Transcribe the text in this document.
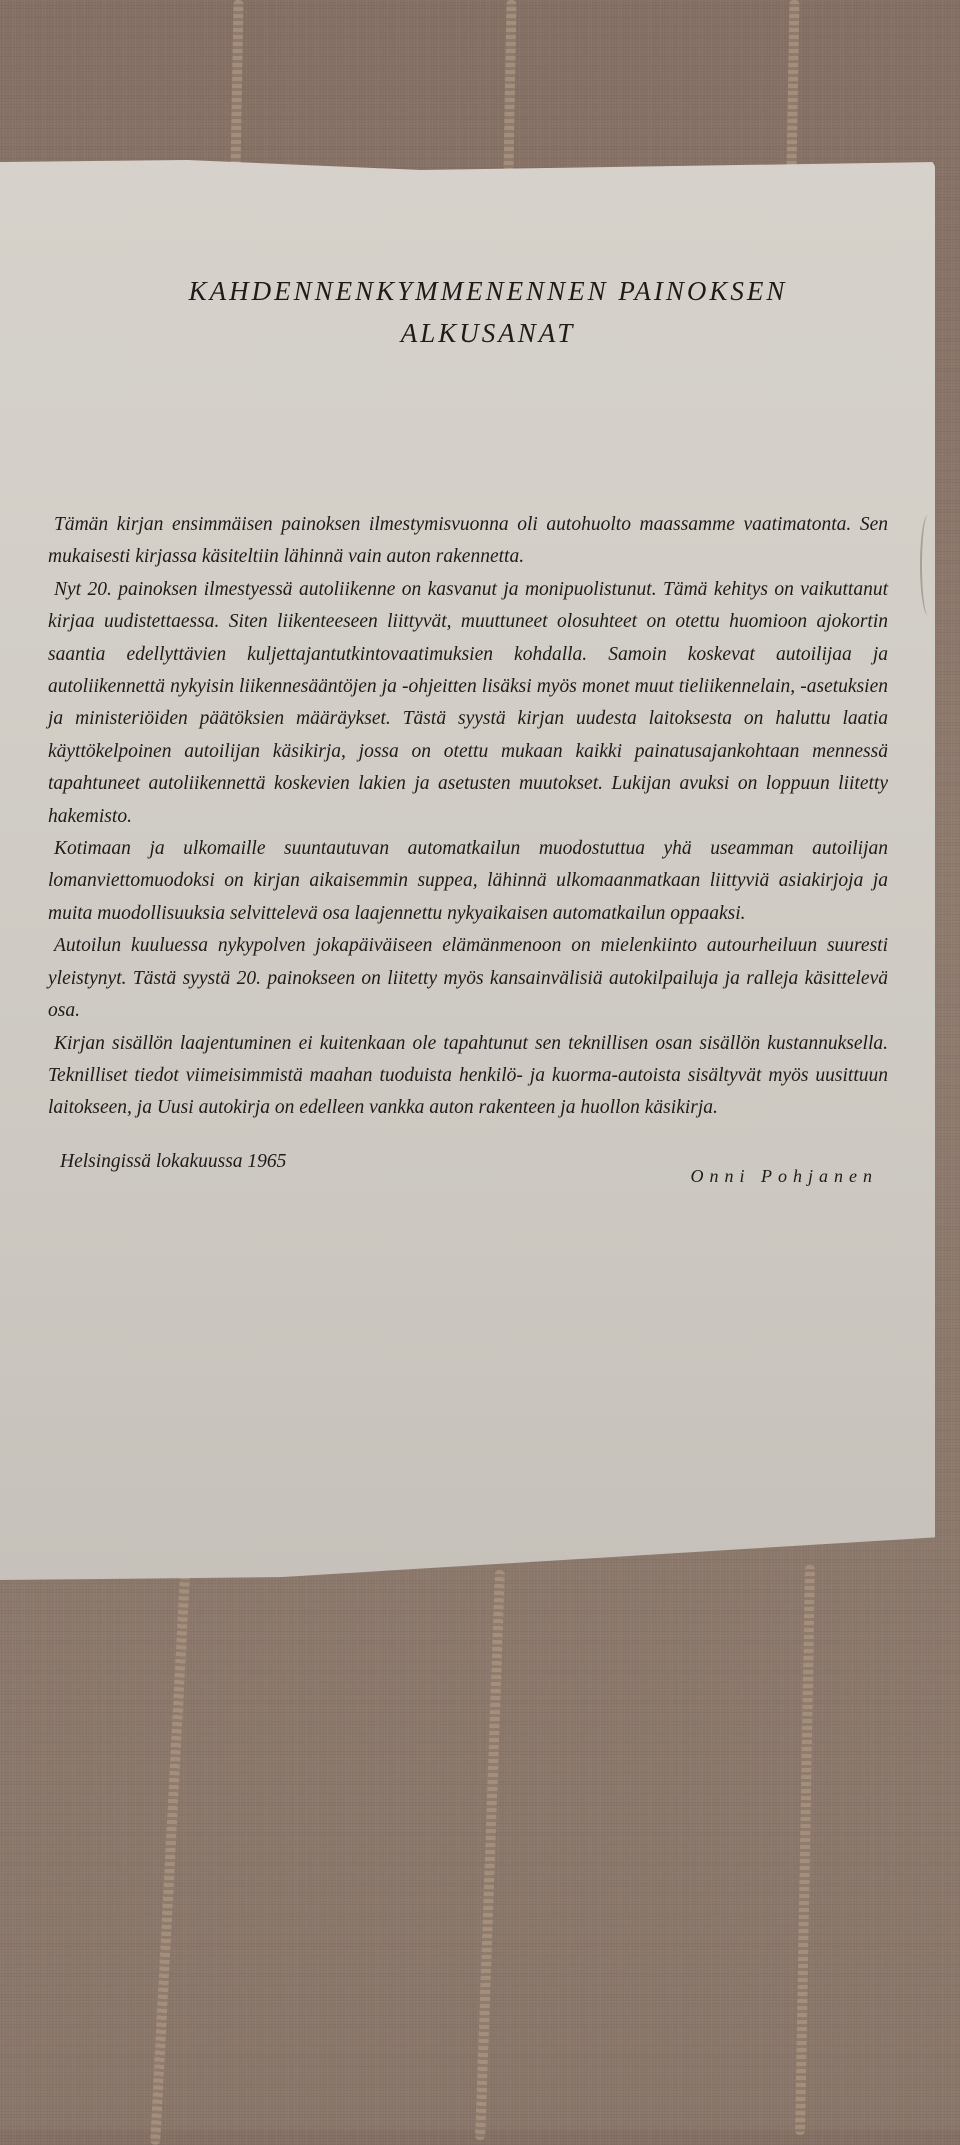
KAHDENNENKYMMENENNEN PAINOKSEN
ALKUSANAT

Tämän kirjan ensimmäisen painoksen ilmestymisvuonna oli autohuolto maassamme vaatimatonta. Sen mukaisesti kirjassa käsiteltiin lähinnä vain auton rakennetta.

Nyt 20. painoksen ilmestyessä autoliikenne on kasvanut ja monipuolistunut. Tämä kehitys on vaikuttanut kirjaa uudistettaessa. Siten liikenteeseen liittyvät, muuttuneet olosuhteet on otettu huomioon ajokortin saantia edellyttävien kuljettajantutkintovaatimuksien kohdalla. Samoin koskevat autoilijaa ja autoliikennettä nykyisin liikennesääntöjen ja -ohjeitten lisäksi myös monet muut tieliikennelain, -asetuksien ja ministeriöiden päätöksien määräykset. Tästä syystä kirjan uudesta laitoksesta on haluttu laatia käyttökelpoinen autoilijan käsikirja, jossa on otettu mukaan kaikki painatusajankohtaan mennessä tapahtuneet autoliikennettä koskevien lakien ja asetusten muutokset. Lukijan avuksi on loppuun liitetty hakemisto.

Kotimaan ja ulkomaille suuntautuvan automatkailun muodostuttua yhä useamman autoilijan lomanviettomuodoksi on kirjan aikaisemmin suppea, lähinnä ulkomaanmatkaan liittyviä asiakirjoja ja muita muodollisuuksia selvittelevä osa laajennettu nykyaikaisen automatkailun oppaaksi.

Autoilun kuuluessa nykypolven jokapäiväiseen elämänmenoon on mielenkiinto autourheiluun suuresti yleistynyt. Tästä syystä 20. painokseen on liitetty myös kansainvälisiä autokilpailuja ja ralleja käsittelevä osa.

Kirjan sisällön laajentuminen ei kuitenkaan ole tapahtunut sen teknillisen osan sisällön kustannuksella. Teknilliset tiedot viimeisimmistä maahan tuoduista henkilö- ja kuorma-autoista sisältyvät myös uusittuun laitokseen, ja Uusi autokirja on edelleen vankka auton rakenteen ja huollon käsikirja.

Helsingissä lokakuussa 1965
Onni Pohjanen
